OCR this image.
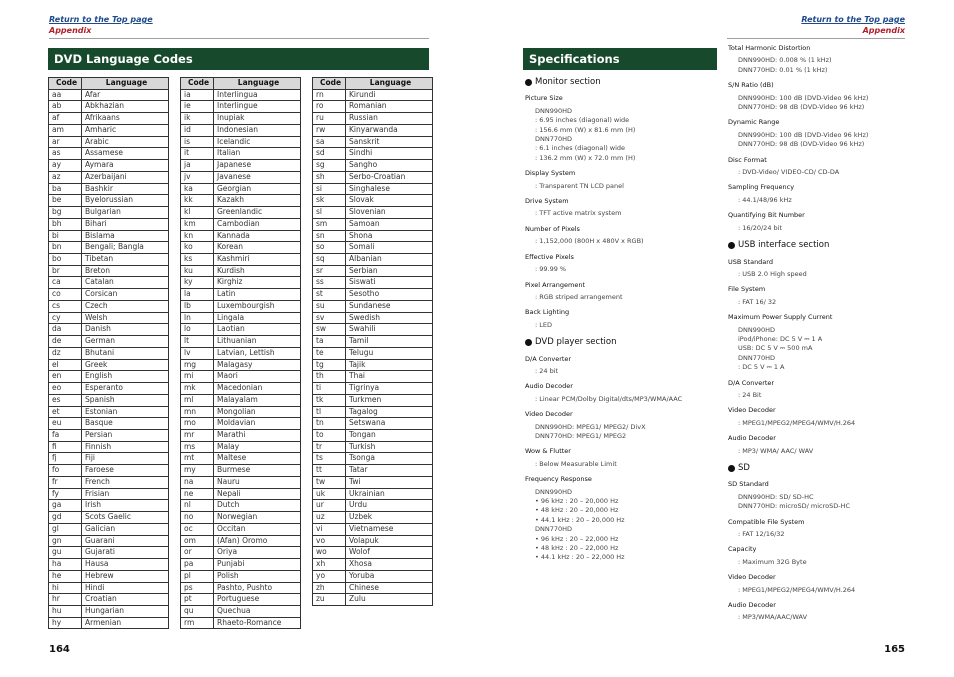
Return to the Top page
Appendix
Return to the Top page
Appendix
DVD Language Codes
Code	Language
aa	Afar
ab	Abkhazian
af	Afrikaans
am	Amharic
ar	Arabic
as	Assamese
ay	Aymara
az	Azerbaijani
ba	Bashkir
be	Byelorussian
bg	Bulgarian
bh	Bihari
bi	Bislama
bn	Bengali; Bangla
bo	Tibetan
br	Breton
ca	Catalan
co	Corsican
cs	Czech
cy	Welsh
da	Danish
de	German
dz	Bhutani
el	Greek
en	English
eo	Esperanto
es	Spanish
et	Estonian
eu	Basque
fa	Persian
fi	Finnish
fj	Fiji
fo	Faroese
fr	French
fy	Frisian
ga	Irish
gd	Scots Gaelic
gl	Galician
gn	Guarani
gu	Gujarati
ha	Hausa
he	Hebrew
hi	Hindi
hr	Croatian
hu	Hungarian
hy	Armenian
Code	Language
ia	Interlingua
ie	Interlingue
ik	Inupiak
id	Indonesian
is	Icelandic
it	Italian
ja	Japanese
jv	Javanese
ka	Georgian
kk	Kazakh
kl	Greenlandic
km	Cambodian
kn	Kannada
ko	Korean
ks	Kashmiri
ku	Kurdish
ky	Kirghiz
la	Latin
lb	Luxembourgish
ln	Lingala
lo	Laotian
lt	Lithuanian
lv	Latvian, Lettish
mg	Malagasy
mi	Maori
mk	Macedonian
ml	Malayalam
mn	Mongolian
mo	Moldavian
mr	Marathi
ms	Malay
mt	Maltese
my	Burmese
na	Nauru
ne	Nepali
nl	Dutch
no	Norwegian
oc	Occitan
om	(Afan) Oromo
or	Oriya
pa	Punjabi
pl	Polish
ps	Pashto, Pushto
pt	Portuguese
qu	Quechua
rm	Rhaeto-Romance
Code	Language
rn	Kirundi
ro	Romanian
ru	Russian
rw	Kinyarwanda
sa	Sanskrit
sd	Sindhi
sg	Sangho
sh	Serbo-Croatian
si	Singhalese
sk	Slovak
sl	Slovenian
sm	Samoan
sn	Shona
so	Somali
sq	Albanian
sr	Serbian
ss	Siswati
st	Sesotho
su	Sundanese
sv	Swedish
sw	Swahili
ta	Tamil
te	Telugu
tg	Tajik
th	Thai
ti	Tigrinya
tk	Turkmen
tl	Tagalog
tn	Setswana
to	Tongan
tr	Turkish
ts	Tsonga
tt	Tatar
tw	Twi
uk	Ukrainian
ur	Urdu
uz	Uzbek
vi	Vietnamese
vo	Volapuk
wo	Wolof
xh	Xhosa
yo	Yoruba
zh	Chinese
zu	Zulu
Specifications
Monitor section
Picture Size
DNN990HD
: 6.95 inches (diagonal) wide
: 156.6 mm (W) x 81.6 mm (H)
DNN770HD
: 6.1 inches (diagonal) wide
: 136.2 mm (W) x 72.0 mm (H)
Display System
: Transparent TN LCD panel
Drive System
: TFT active matrix system
Number of Pixels
: 1,152,000 (800H x 480V x RGB)
Effective Pixels
: 99.99 %
Pixel Arrangement
: RGB striped arrangement
Back Lighting
: LED
DVD player section
D/A Converter
: 24 bit
Audio Decoder
: Linear PCM/Dolby Digital/dts/MP3/WMA/AAC
Video Decoder
DNN990HD: MPEG1/ MPEG2/ DivX
DNN770HD: MPEG1/ MPEG2
Wow & Flutter
: Below Measurable Limit
Frequency Response
DNN990HD
• 96 kHz : 20 – 20,000 Hz
• 48 kHz : 20 – 20,000 Hz
• 44.1 kHz : 20 – 20,000 Hz
DNN770HD
• 96 kHz : 20 – 22,000 Hz
• 48 kHz : 20 – 22,000 Hz
• 44.1 kHz : 20 – 22,000 Hz
Total Harmonic Distortion
DNN990HD: 0.008 % (1 kHz)
DNN770HD: 0.01 % (1 kHz)
S/N Ratio (dB)
DNN990HD: 100 dB (DVD-Video 96 kHz)
DNN770HD: 98 dB (DVD-Video 96 kHz)
Dynamic Range
DNN990HD: 100 dB (DVD-Video 96 kHz)
DNN770HD: 98 dB (DVD-Video 96 kHz)
Disc Format
: DVD-Video/ VIDEO-CD/ CD-DA
Sampling Frequency
: 44.1/48/96 kHz
Quantifying Bit Number
: 16/20/24 bit
USB interface section
USB Standard
: USB 2.0 High speed
File System
: FAT 16/ 32
Maximum Power Supply Current
DNN990HD
iPod/iPhone: DC 5 V ⎓ 1 A
USB: DC 5 V ⎓ 500 mA
DNN770HD
: DC 5 V ⎓ 1 A
D/A Converter
: 24 Bit
Video Decoder
: MPEG1/MPEG2/MPEG4/WMV/H.264
Audio Decoder
: MP3/ WMA/ AAC/ WAV
SD
SD Standard
DNN990HD: SD/ SD-HC
DNN770HD: microSD/ microSD-HC
Compatible File System
: FAT 12/16/32
Capacity
: Maximum 32G Byte
Video Decoder
: MPEG1/MPEG2/MPEG4/WMV/H.264
Audio Decoder
: MP3/WMA/AAC/WAV
164	165
